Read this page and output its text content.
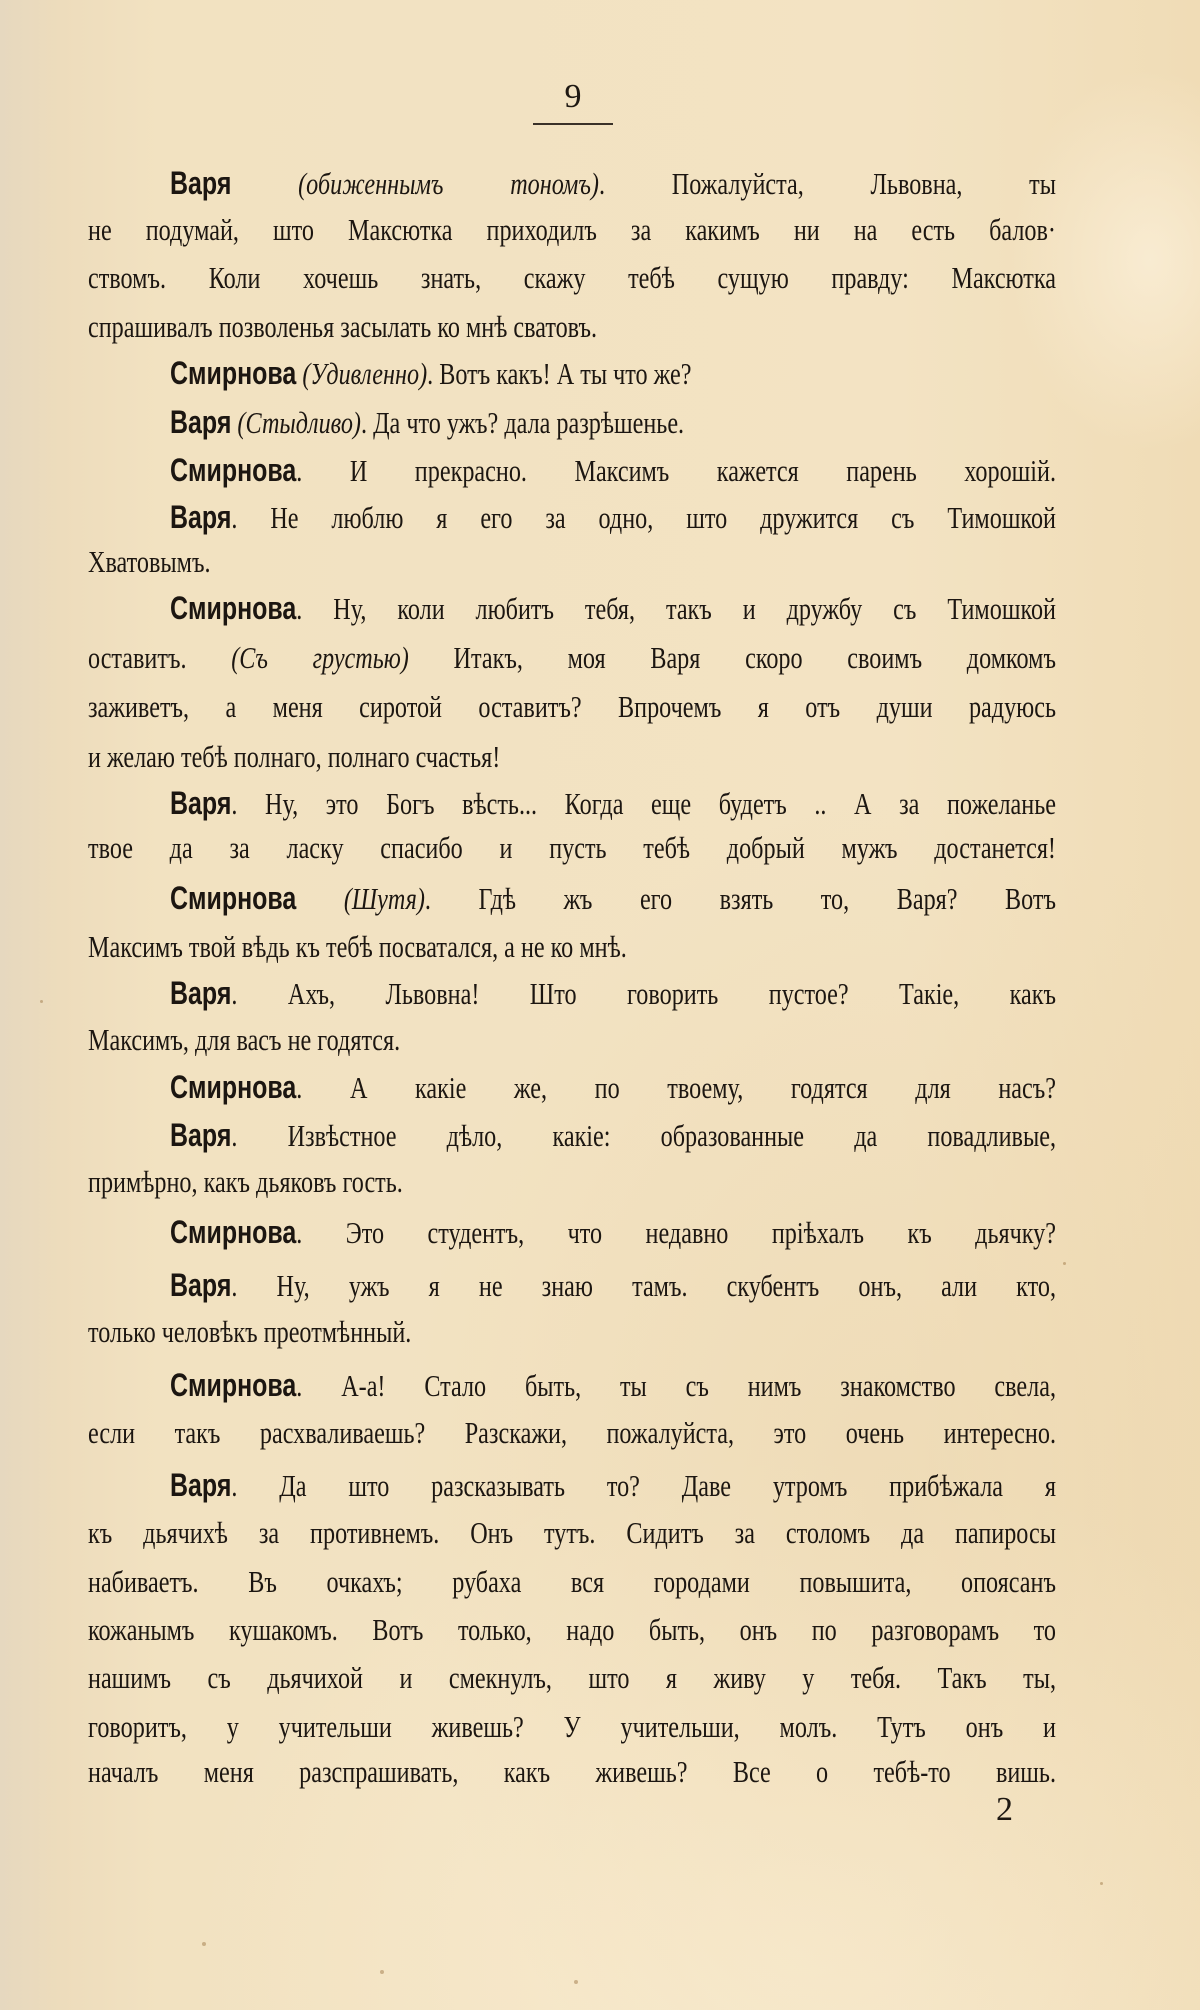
9
Варя (обиженнымъ тономъ). Пожалуйста, Львовна, ты
не подумай, што Максютка приходилъ за какимъ ни на есть балов·
ствомъ. Коли хочешь знать, скажу тебѣ сущую правду: Максютка
спрашивалъ позволенья засылать ко мнѣ сватовъ.
Смирнова (Удивленно). Вотъ какъ! А ты что же?
Варя (Стыдливо). Да что ужъ? дала разрѣшенье.
Смирнова. И прекрасно. Максимъ кажется парень хорошій.
Варя. Не люблю я его за одно, што дружится съ Тимошкой
Хватовымъ.
Смирнова. Ну, коли любитъ тебя, такъ и дружбу съ Тимошкой
оставитъ. (Съ грустью) Итакъ, моя Варя скоро своимъ домкомъ
заживетъ, а меня сиротой оставитъ? Впрочемъ я отъ души радуюсь
и желаю тебѣ полнаго, полнаго счастья!
Варя. Ну, это Богъ вѣсть... Когда еще будетъ .. А за пожеланье
твое да за ласку спасибо и пусть тебѣ добрый мужъ достанется!
Смирнова (Шутя). Гдѣ жъ его взять то, Варя? Вотъ
Максимъ твой вѣдь къ тебѣ посватался, а не ко мнѣ.
Варя. Ахъ, Львовна! Што говорить пустое? Такіе, какъ
Максимъ, для васъ не годятся.
Смирнова. А какіе же, по твоему, годятся для насъ?
Варя. Извѣстное дѣло, какіе: образованные да повадливые,
примѣрно, какъ дьяковъ гость.
Смирнова. Это студентъ, что недавно пріѣхалъ къ дьячку?
Варя. Ну, ужъ я не знаю тамъ. скубентъ онъ, али кто,
только человѣкъ преотмѣнный.
Смирнова. А-а! Стало быть, ты съ нимъ знакомство свела,
если такъ расхваливаешь? Разскажи, пожалуйста, это очень интересно.
Варя. Да што разсказывать то? Даве утромъ прибѣжала я
къ дьячихѣ за противнемъ. Онъ тутъ. Сидитъ за столомъ да папиросы
набиваетъ. Въ очкахъ; рубаха вся городами повышита, опоясанъ
кожанымъ кушакомъ. Вотъ только, надо быть, онъ по разговорамъ то
нашимъ съ дьячихой и смекнулъ, што я живу у тебя. Такъ ты,
говоритъ, у учительши живешь? У учительши, молъ. Тутъ онъ и
началъ меня разспрашивать, какъ живешь? Все о тебѣ-то вишь.
2
